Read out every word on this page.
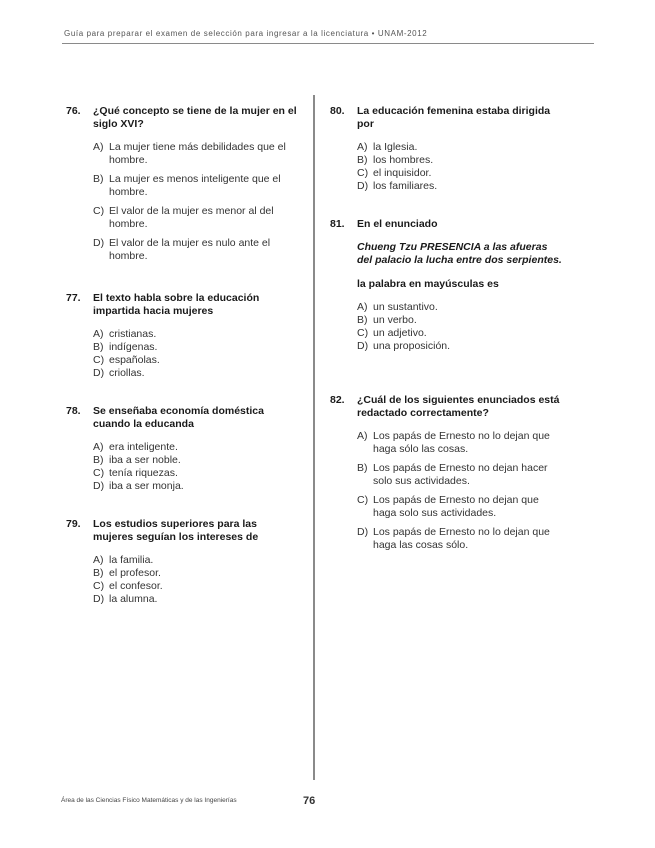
Guía para preparar el examen de selección para ingresar a la licenciatura • UNAM-2012
76.	¿Qué concepto se tiene de la mujer en el siglo XVI?
A) La mujer tiene más debilidades que el hombre.
B) La mujer es menos inteligente que el hombre.
C) El valor de la mujer es menor al del hombre.
D) El valor de la mujer es nulo ante el hombre.
77.	El texto habla sobre la educación impartida hacia mujeres
A) cristianas.
B) indígenas.
C) españolas.
D) criollas.
78.	Se enseñaba economía doméstica cuando la educanda
A) era inteligente.
B) iba a ser noble.
C) tenía riquezas.
D) iba a ser monja.
79.	Los estudios superiores para las mujeres seguían los intereses de
A) la familia.
B) el profesor.
C) el confesor.
D) la alumna.
80.	La educación femenina estaba dirigida por
A) la Iglesia.
B) los hombres.
C) el inquisidor.
D) los familiares.
81.	En el enunciado
Chueng Tzu PRESENCIA a las afueras del palacio la lucha entre dos serpientes.
la palabra en mayúsculas es
A) un sustantivo.
B) un verbo.
C) un adjetivo.
D) una proposición.
82.	¿Cuál de los siguientes enunciados está redactado correctamente?
A) Los papás de Ernesto no lo dejan que haga sólo las cosas.
B) Los papás de Ernesto no dejan hacer solo sus actividades.
C) Los papás de Ernesto no dejan que haga solo sus actividades.
D) Los papás de Ernesto no lo dejan que haga las cosas sólo.
Área de las Ciencias Físico Matemáticas y de las Ingenierías	76
